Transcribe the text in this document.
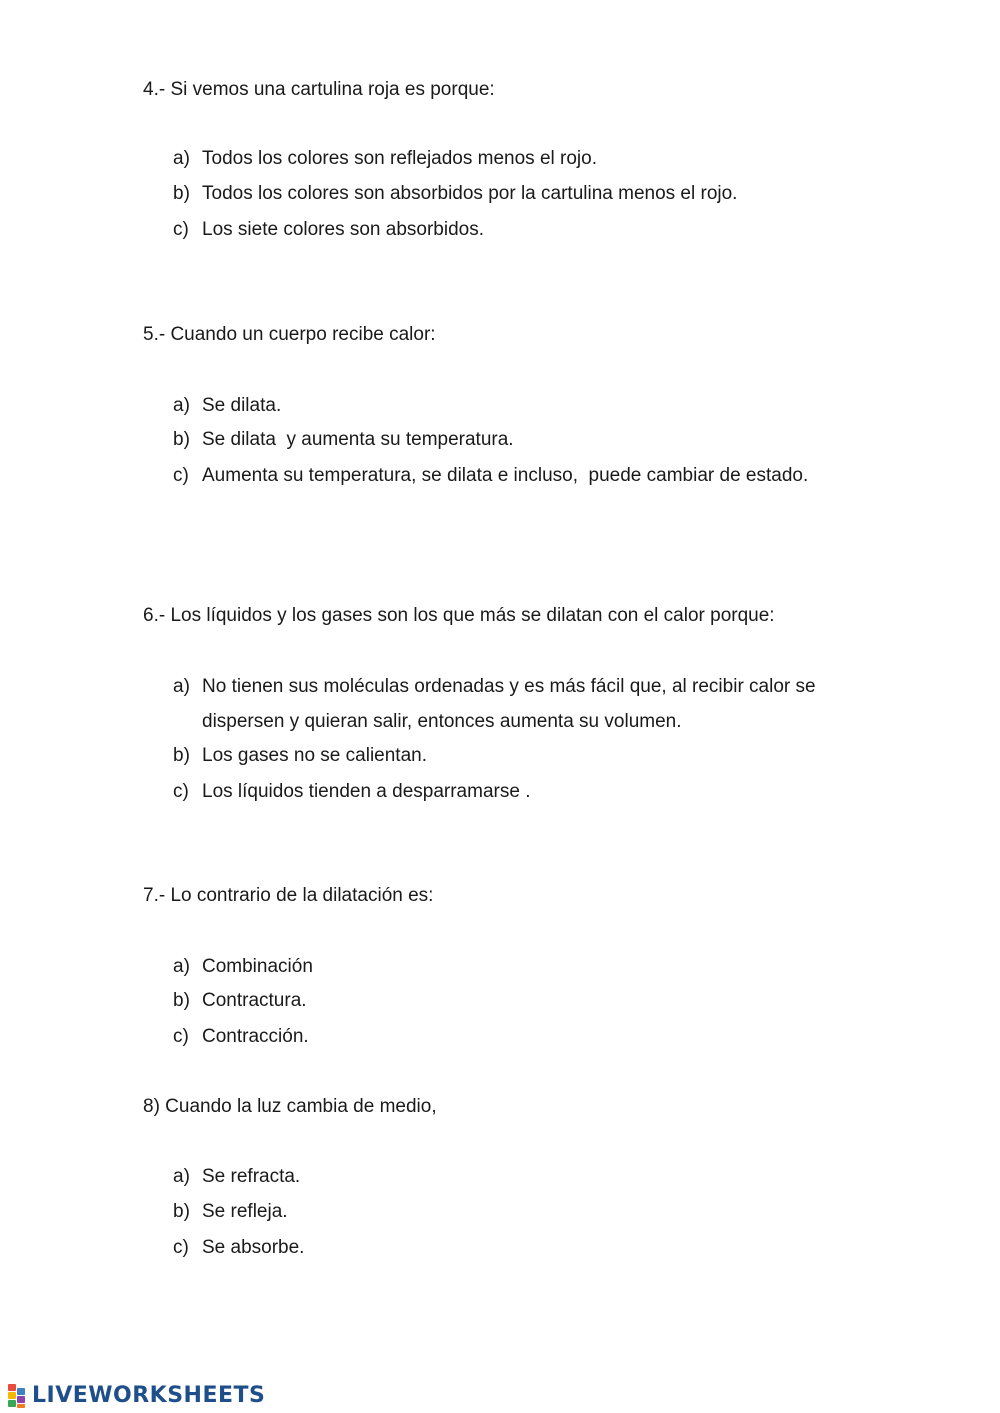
4.- Si vemos una cartulina roja es porque:
a) Todos los colores son reflejados menos el rojo.
b) Todos los colores son absorbidos por la cartulina menos el rojo.
c) Los siete colores son absorbidos.
5.- Cuando un cuerpo recibe calor:
a) Se dilata.
b) Se dilata  y aumenta su temperatura.
c) Aumenta su temperatura, se dilata e incluso,  puede cambiar de estado.
6.- Los líquidos y los gases son los que más se dilatan con el calor porque:
a) No tienen sus moléculas ordenadas y es más fácil que, al recibir calor se
dispersen y quieran salir, entonces aumenta su volumen.
b) Los gases no se calientan.
c) Los líquidos tienden a desparramarse .
7.- Lo contrario de la dilatación es:
a) Combinación
b) Contractura.
c) Contracción.
8) Cuando la luz cambia de medio,
a) Se refracta.
b) Se refleja.
c) Se absorbe.
LIVEWORKSHEETS
